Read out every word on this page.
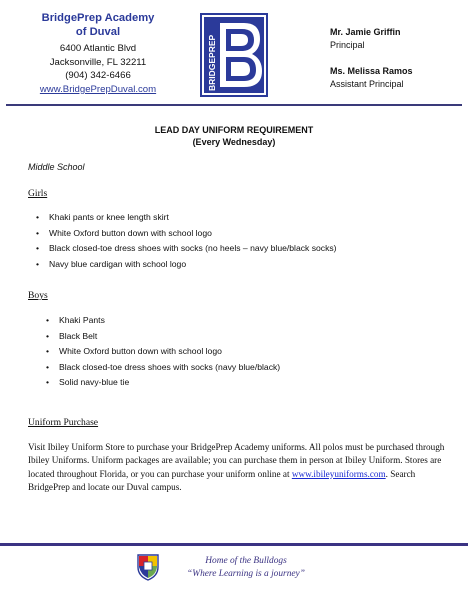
BridgePrep Academy
of Duval
6400 Atlantic Blvd
Jacksonville, FL 32211
(904) 342-6466
www.BridgePrepDuval.com	BRIDGEPREP
Mr. Jamie Griffin
Principal
Ms. Melissa Ramos
Assistant Principal
LEAD DAY UNIFORM REQUIREMENT
(Every Wednesday)
Middle School
Girls
• Khaki pants or knee length skirt
• White Oxford button down with school logo
• Black closed-toe dress shoes with socks (no heels – navy blue/black socks)
• Navy blue cardigan with school logo
Boys
• Khaki Pants
• Black Belt
• White Oxford button down with school logo
• Black closed-toe dress shoes with socks (navy blue/black)
• Solid navy-blue tie
Uniform Purchase
Visit Ibiley Uniform Store to purchase your BridgePrep Academy uniforms. All polos must be purchased through Ibiley Uniforms. Uniform packages are available; you can purchase them in person at Ibiley Uniform. Stores are located throughout Florida, or you can purchase your uniform online at www.ibileyuniforms.com. Search BridgePrep and locate our Duval campus.
Home of the Bulldogs
“Where Learning is a journey”
